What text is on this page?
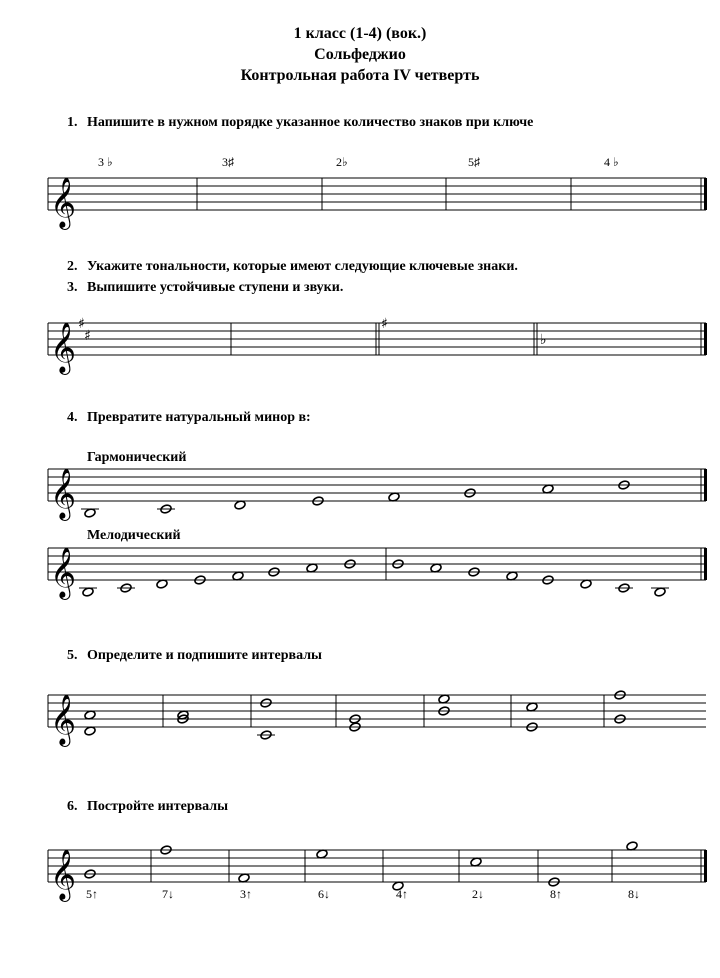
1 класс (1-4) (вок.)
Сольфеджио
Контрольная работа IV четверть
1. Напишите в нужном порядке указанное количество знаков при ключе
2. Укажите тональности, которые имеют следующие ключевые знаки.
3. Выпишите устойчивые ступени и звуки.
4. Превратите натуральный минор в:
Гармонический
Мелодический
5. Определите и подпишите интервалы
6. Постройте интервалы
𝄞
𝄞 ♯
♯
♯
♭
𝄞
𝄞
𝄞
𝄞
3 ♭	3♯	2♭	5♯	4 ♭
5↑	7↓	3↑	6↓	4↑	2↓	8↑	8↓
